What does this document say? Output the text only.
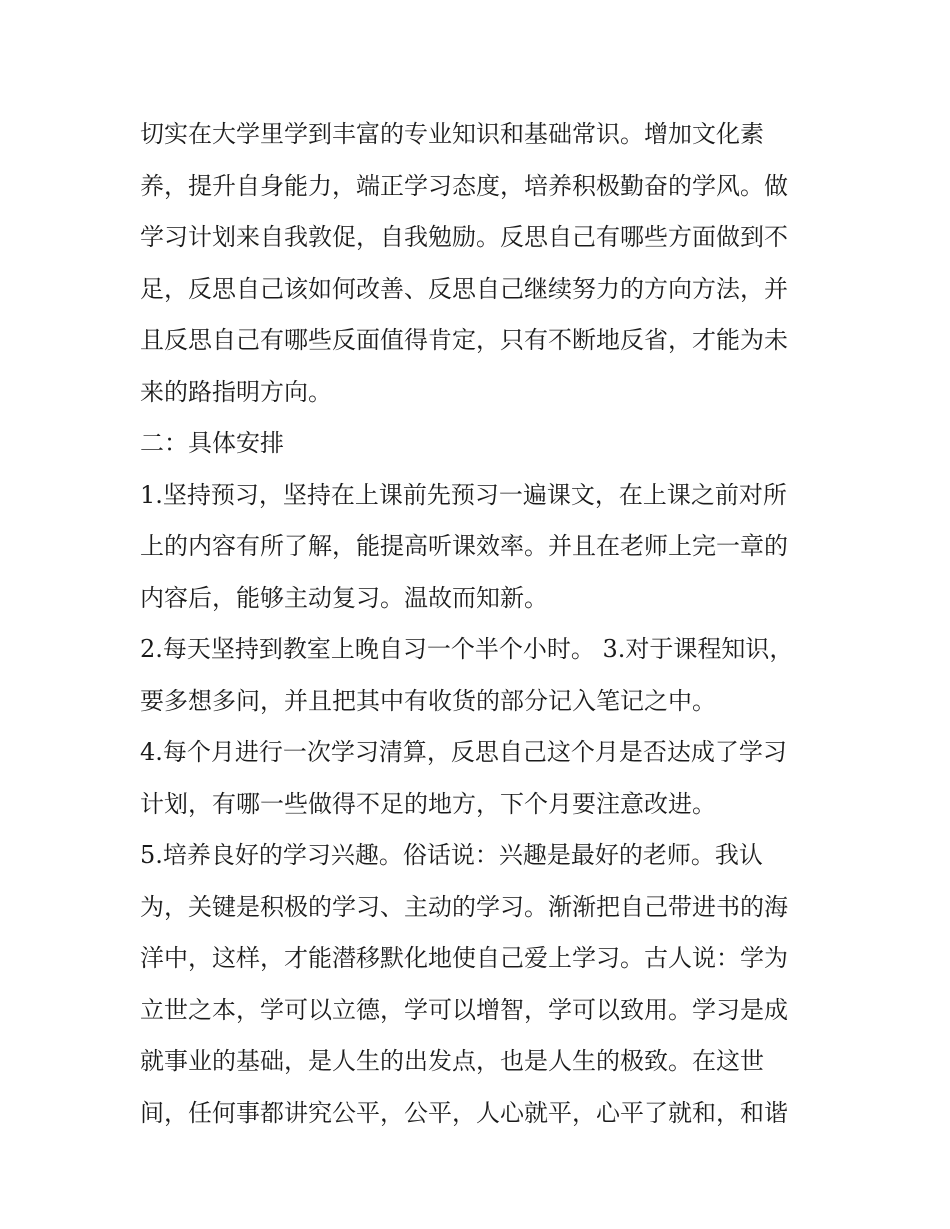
切实在大学里学到丰富的专业知识和基础常识。增加文化素
养，提升自身能力，端正学习态度，培养积极勤奋的学风。做
学习计划来自我敦促，自我勉励。反思自己有哪些方面做到不
足，反思自己该如何改善、反思自己继续努力的方向方法，并
且反思自己有哪些反面值得肯定，只有不断地反省，才能为未
来的路指明方向。
二：具体安排
1.坚持预习，坚持在上课前先预习一遍课文，在上课之前对所
上的内容有所了解，能提高听课效率。并且在老师上完一章的
内容后，能够主动复习。温故而知新。
2.每天坚持到教室上晚自习一个半个小时。 3.对于课程知识，
要多想多问，并且把其中有收货的部分记入笔记之中。
4.每个月进行一次学习清算，反思自己这个月是否达成了学习
计划，有哪一些做得不足的地方，下个月要注意改进。
5.培养良好的学习兴趣。俗话说：兴趣是最好的老师。我认
为，关键是积极的学习、主动的学习。渐渐把自己带进书的海
洋中，这样，才能潜移默化地使自己爱上学习。古人说：学为
立世之本，学可以立德，学可以增智，学可以致用。学习是成
就事业的基础，是人生的出发点，也是人生的极致。在这世
间，任何事都讲究公平，公平，人心就平，心平了就和，和谐
